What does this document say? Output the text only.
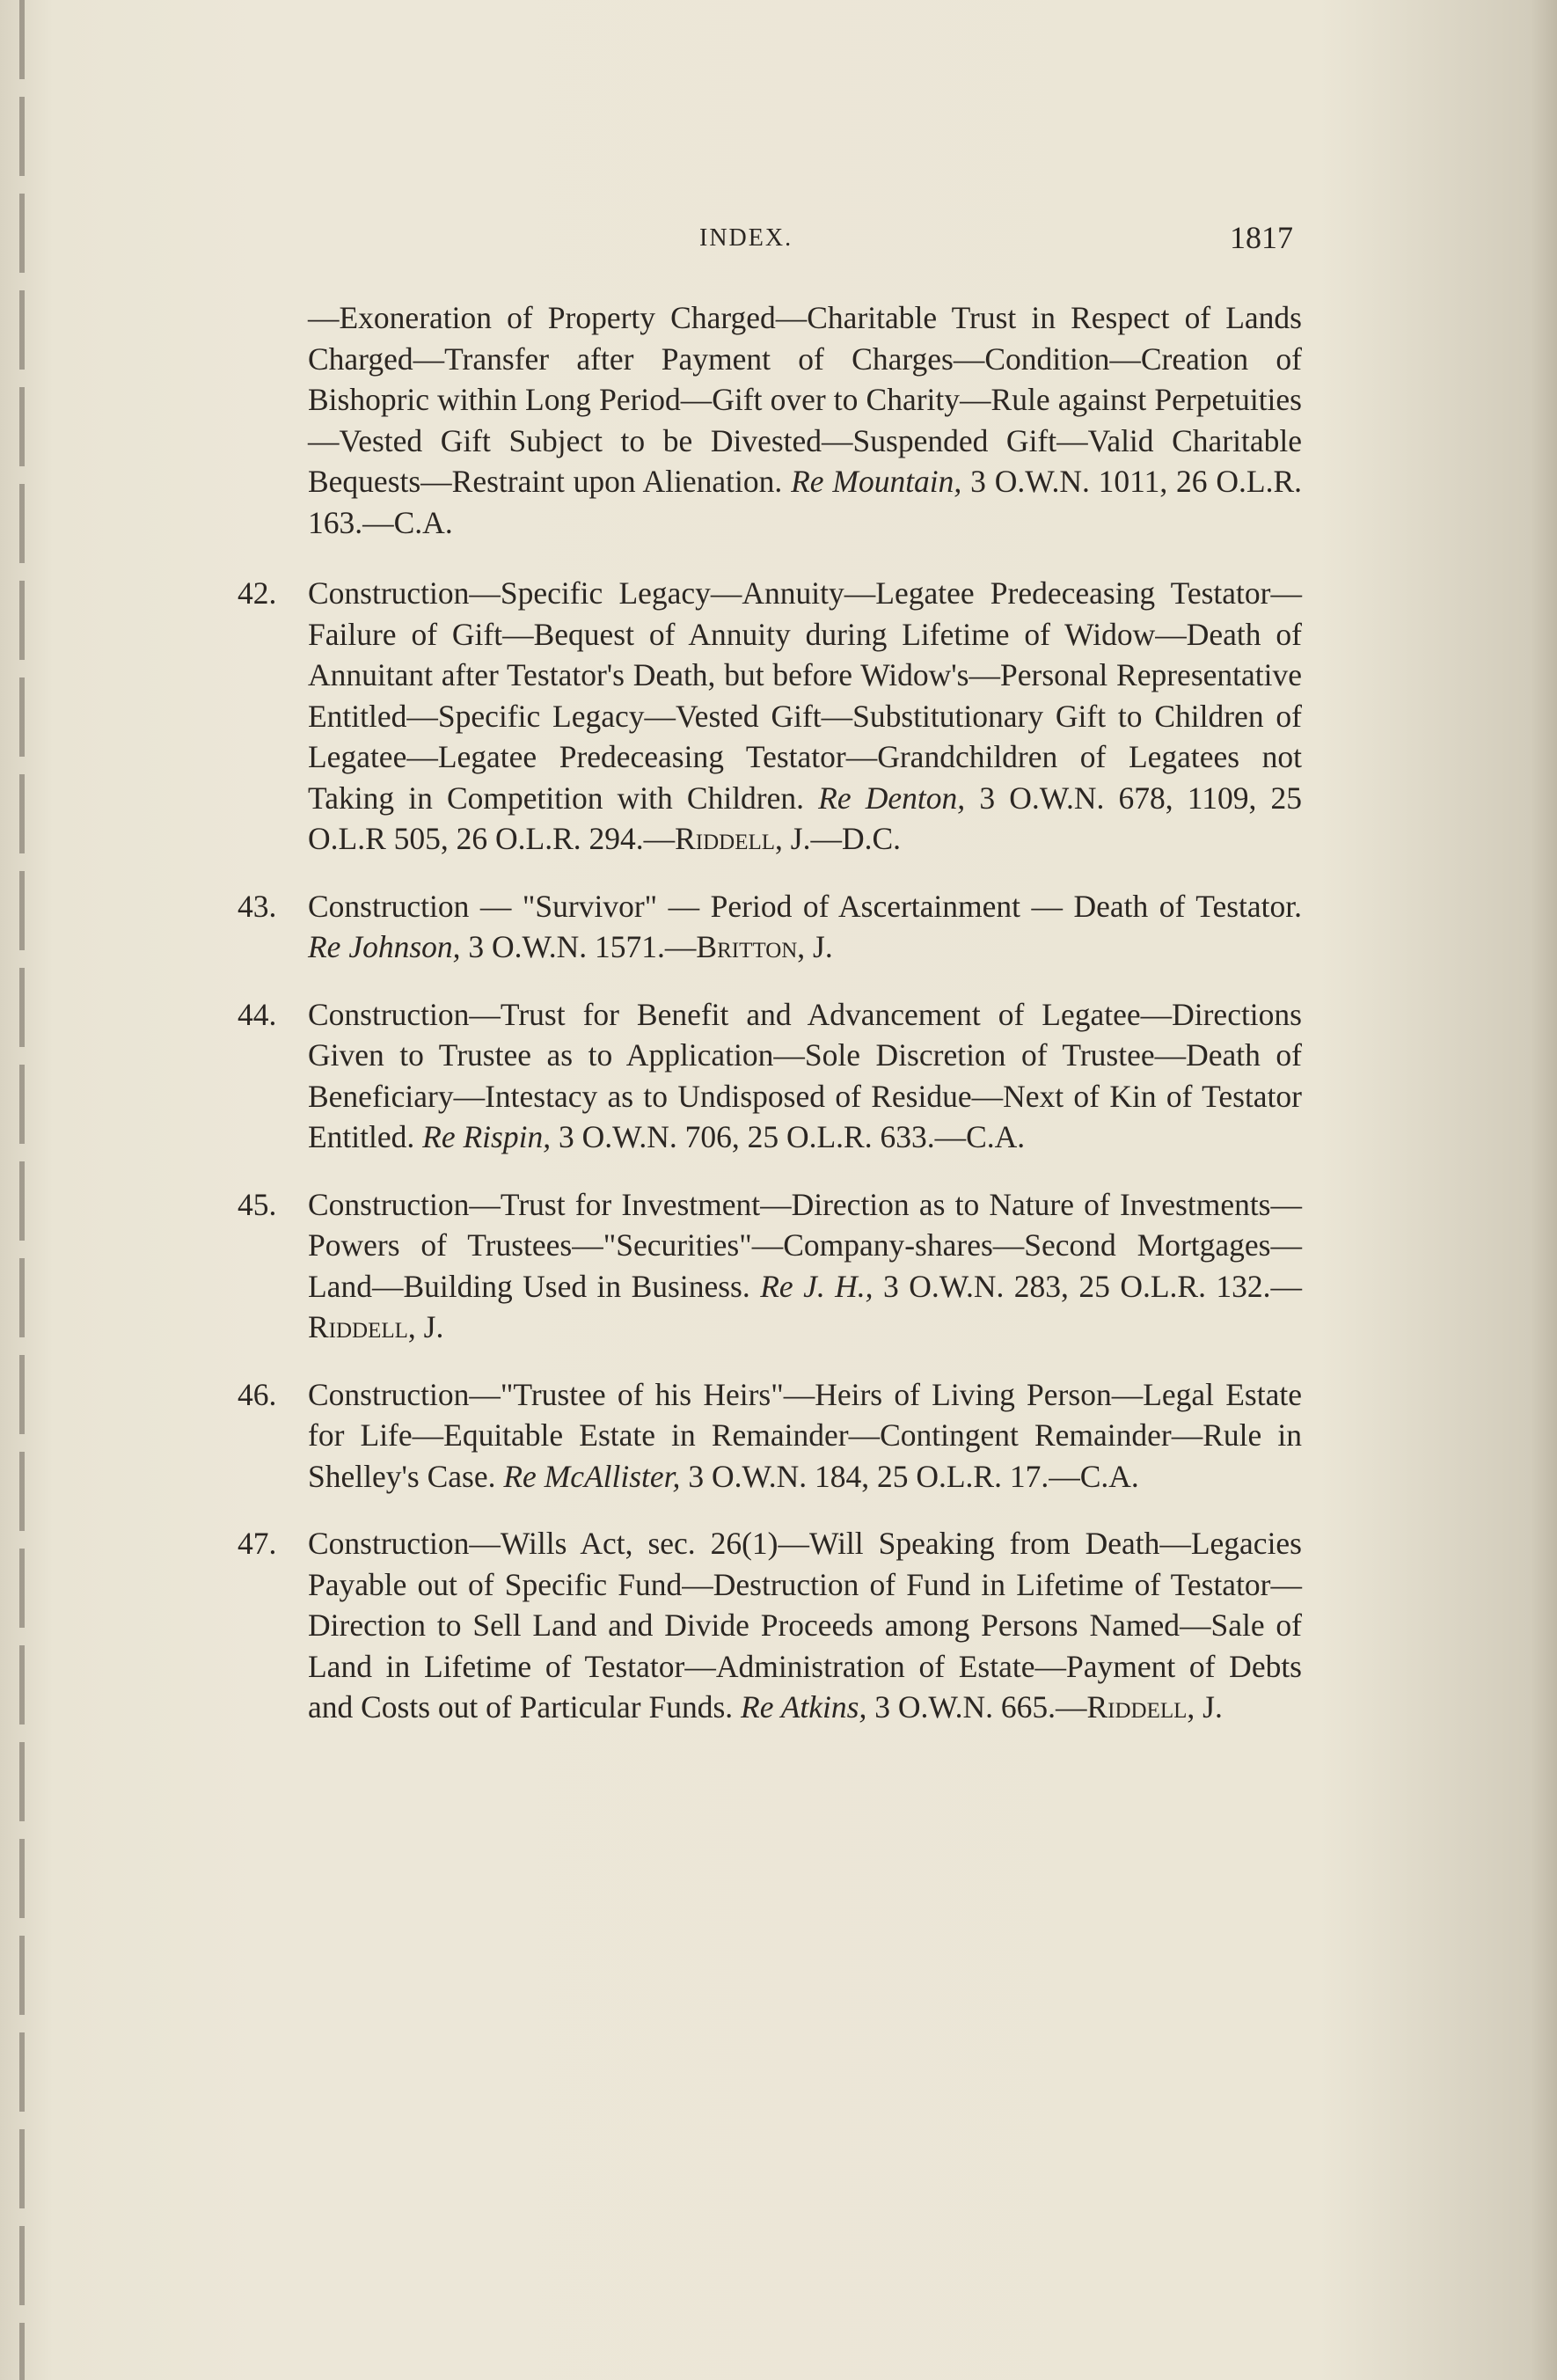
INDEX.	1817
—Exoneration of Property Charged—Charitable Trust in Respect of Lands Charged—Transfer after Payment of Charges—Condition—Creation of Bishopric within Long Period—Gift over to Charity—Rule against Perpetuities—Vested Gift Subject to be Divested—Suspended Gift—Valid Charitable Bequests—Restraint upon Alienation. Re Mountain, 3 O.W.N. 1011, 26 O.L.R. 163.—C.A.
42. Construction—Specific Legacy—Annuity—Legatee Predeceasing Testator—Failure of Gift—Bequest of Annuity during Lifetime of Widow—Death of Annuitant after Testator's Death, but before Widow's—Personal Representative Entitled—Specific Legacy—Vested Gift—Substitutionary Gift to Children of Legatee—Legatee Predeceasing Testator—Grandchildren of Legatees not Taking in Competition with Children. Re Denton, 3 O.W.N. 678, 1109, 25 O.L.R 505, 26 O.L.R. 294.—Riddell, J.—D.C.
43. Construction — "Survivor" — Period of Ascertainment — Death of Testator. Re Johnson, 3 O.W.N. 1571.—Britton, J.
44. Construction—Trust for Benefit and Advancement of Legatee—Directions Given to Trustee as to Application—Sole Discretion of Trustee—Death of Beneficiary—Intestacy as to Undisposed of Residue—Next of Kin of Testator Entitled. Re Rispin, 3 O.W.N. 706, 25 O.L.R. 633.—C.A.
45. Construction—Trust for Investment—Direction as to Nature of Investments—Powers of Trustees—"Securities"—Company-shares—Second Mortgages—Land—Building Used in Business. Re J. H., 3 O.W.N. 283, 25 O.L.R. 132.—Riddell, J.
46. Construction—"Trustee of his Heirs"—Heirs of Living Person—Legal Estate for Life—Equitable Estate in Remainder—Contingent Remainder—Rule in Shelley's Case. Re McAllister, 3 O.W.N. 184, 25 O.L.R. 17.—C.A.
47. Construction—Wills Act, sec. 26(1)—Will Speaking from Death—Legacies Payable out of Specific Fund—Destruction of Fund in Lifetime of Testator—Direction to Sell Land and Divide Proceeds among Persons Named—Sale of Land in Lifetime of Testator—Administration of Estate—Payment of Debts and Costs out of Particular Funds. Re Atkins, 3 O.W.N. 665.—Riddell, J.
